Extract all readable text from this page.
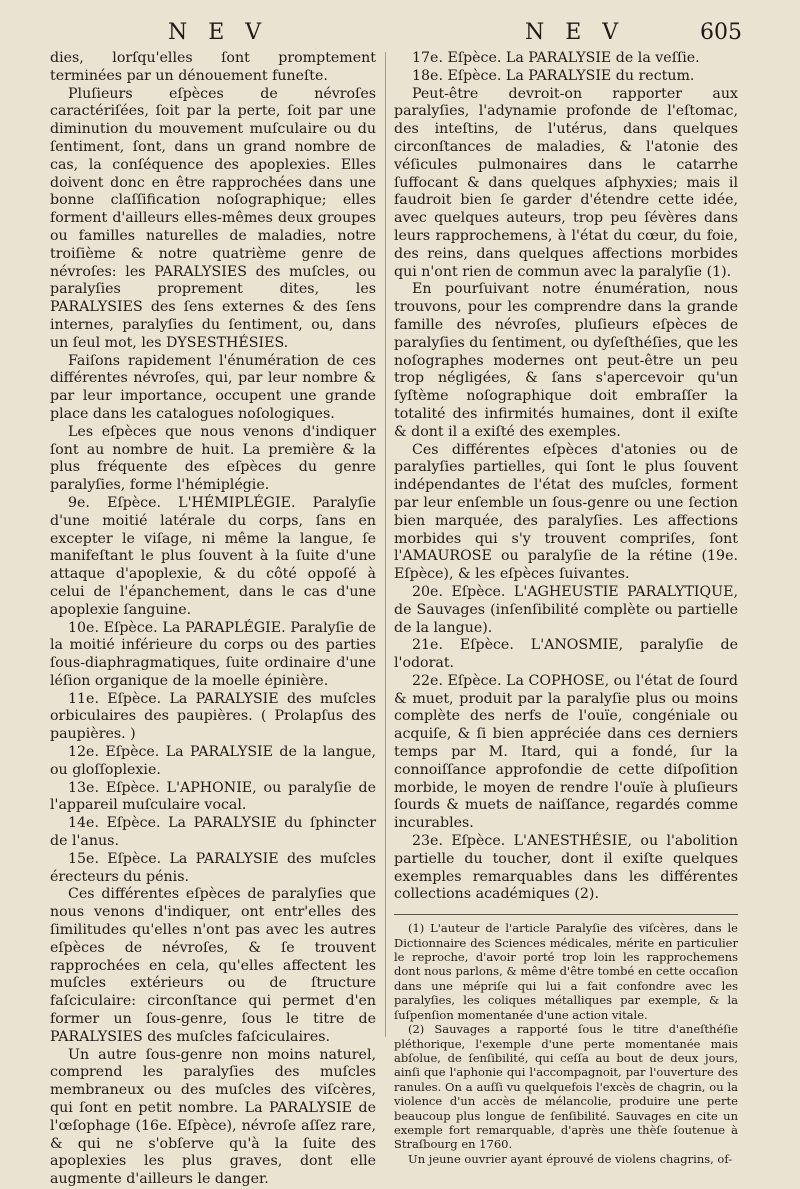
N E V	N E V	605

dies, lorſqu'elles ſont promptement terminées par un dénouement funeſte.

Pluſieurs eſpèces de névroſes caractériſées, ſoit par la perte, ſoit par une diminution du mouvement muſculaire ou du ſentiment, ſont, dans un grand nombre de cas, la conſéquence des apoplexies. Elles doivent donc en être rapprochées dans une bonne claſſification noſographique; elles forment d'ailleurs elles-mêmes deux groupes ou familles naturelles de maladies, notre troiſième & notre quatrième genre de névroſes: les PARALYSIES des muſcles, ou paralyſies proprement dites, les PARALYSIES des ſens externes & des ſens internes, paralyſies du ſentiment, ou, dans un ſeul mot, les DYSESTHÉSIES.

Faiſons rapidement l'énumération de ces différentes névroſes, qui, par leur nombre & par leur importance, occupent une grande place dans les catalogues noſologiques.

Les eſpèces que nous venons d'indiquer ſont au nombre de huit. La première & la plus fréquente des eſpèces du genre paralyſies, forme l'hémiplégie.

9e. Eſpèce. L'HÉMIPLÉGIE. Paralyſie d'une moitié latérale du corps, ſans en excepter le viſage, ni même la langue, ſe manifeſtant le plus ſouvent à la ſuite d'une attaque d'apoplexie, & du côté oppoſé à celui de l'épanchement, dans le cas d'une apoplexie ſanguine.

10e. Eſpèce. La PARAPLÉGIE. Paralyſie de la moitié inférieure du corps ou des parties ſous-diaphragmatiques, ſuite ordinaire d'une léſion organique de la moelle épinière.

11e. Eſpèce. La PARALYSIE des muſcles orbiculaires des paupières. ( Prolapſus des paupières. )

12e. Eſpèce. La PARALYSIE de la langue, ou gloſſoplexie.

13e. Eſpèce. L'APHONIE, ou paralyſie de l'appareil muſculaire vocal.

14e. Eſpèce. La PARALYSIE du ſphincter de l'anus.

15e. Eſpèce. La PARALYSIE des muſcles érecteurs du pénis.

Ces différentes eſpèces de paralyſies que nous venons d'indiquer, ont entr'elles des ſimilitudes qu'elles n'ont pas avec les autres eſpèces de névroſes, & ſe trouvent rapprochées en cela, qu'elles affectent les muſcles extérieurs ou de ſtructure faſciculaire: circonſtance qui permet d'en former un ſous-genre, ſous le titre de PARALYSIES des muſcles faſciculaires.

Un autre ſous-genre non moins naturel, comprend les paralyſies des muſcles membraneux ou des muſcles des viſcères, qui ſont en petit nombre. La PARALYSIE de l'œſophage (16e. Eſpèce), névroſe aſſez rare, & qui ne s'obſerve qu'à la ſuite des apoplexies les plus graves, dont elle augmente d'ailleurs le danger.

17e. Eſpèce. La PARALYSIE de la veſſie.

18e. Eſpèce. La PARALYSIE du rectum.

Peut-être devroit-on rapporter aux paralyſies, l'adynamie profonde de l'eſtomac, des inteſtins, de l'utérus, dans quelques circonſtances de maladies, & l'atonie des véſicules pulmonaires dans le catarrhe ſuffocant & dans quelques aſphyxies; mais il faudroit bien ſe garder d'étendre cette idée, avec quelques auteurs, trop peu ſévères dans leurs rapprochemens, à l'état du cœur, du foie, des reins, dans quelques affections morbides qui n'ont rien de commun avec la paralyſie (1).

En pourſuivant notre énumération, nous trouvons, pour les comprendre dans la grande famille des névroſes, pluſieurs eſpèces de paralyſies du ſentiment, ou dyſeſthéſies, que les noſographes modernes ont peut-être un peu trop négligées, & ſans s'apercevoir qu'un ſyſtème noſographique doit embraſſer la totalité des infirmités humaines, dont il exiſte & dont il a exiſté des exemples.

Ces différentes eſpèces d'atonies ou de paralyſies partielles, qui ſont le plus ſouvent indépendantes de l'état des muſcles, forment par leur enſemble un ſous-genre ou une ſection bien marquée, des paralyſies. Les affections morbides qui s'y trouvent compriſes, ſont l'AMAUROSE ou paralyſie de la rétine (19e. Eſpèce), & les eſpèces ſuivantes.

20e. Eſpèce. L'AGHEUSTIE PARALYTIQUE, de Sauvages (inſenſibilité complète ou partielle de la langue).

21e. Eſpèce. L'ANOSMIE, paralyſie de l'odorat.

22e. Eſpèce. La COPHOSE, ou l'état de ſourd & muet, produit par la paralyſie plus ou moins complète des nerfs de l'ouïe, congéniale ou acquiſe, & ſi bien appréciée dans ces derniers temps par M. Itard, qui a fondé, ſur la connoiſſance approfondie de cette diſpoſition morbide, le moyen de rendre l'ouïe à pluſieurs ſourds & muets de naiſſance, regardés comme incurables.

23e. Eſpèce. L'ANESTHÉSIE, ou l'abolition partielle du toucher, dont il exiſte quelques exemples remarquables dans les différentes collections académiques (2).

(1) L'auteur de l'article Paralyſie des viſcères, dans le Dictionnaire des Sciences médicales, mérite en particulier le reproche, d'avoir porté trop loin les rapprochemens dont nous parlons, & même d'être tombé en cette occaſion dans une mépriſe qui lui a fait confondre avec les paralyſies, les coliques métalliques par exemple, & la ſuſpenſion momentanée d'une action vitale.

(2) Sauvages a rapporté ſous le titre d'aneſthéſie pléthorique, l'exemple d'une perte momentanée mais abſolue, de ſenſibilité, qui ceſſa au bout de deux jours, ainſi que l'aphonie qui l'accompagnoit, par l'ouverture des ranules. On a auſſi vu quelquefois l'excès de chagrin, ou la violence d'un accès de mélancolie, produire une perte beaucoup plus longue de ſenſibilité. Sauvages en cite un exemple fort remarquable, d'après une thèſe ſoutenue à Straſbourg en 1760.

Un jeune ouvrier ayant éprouvé de violens chagrins, of-
